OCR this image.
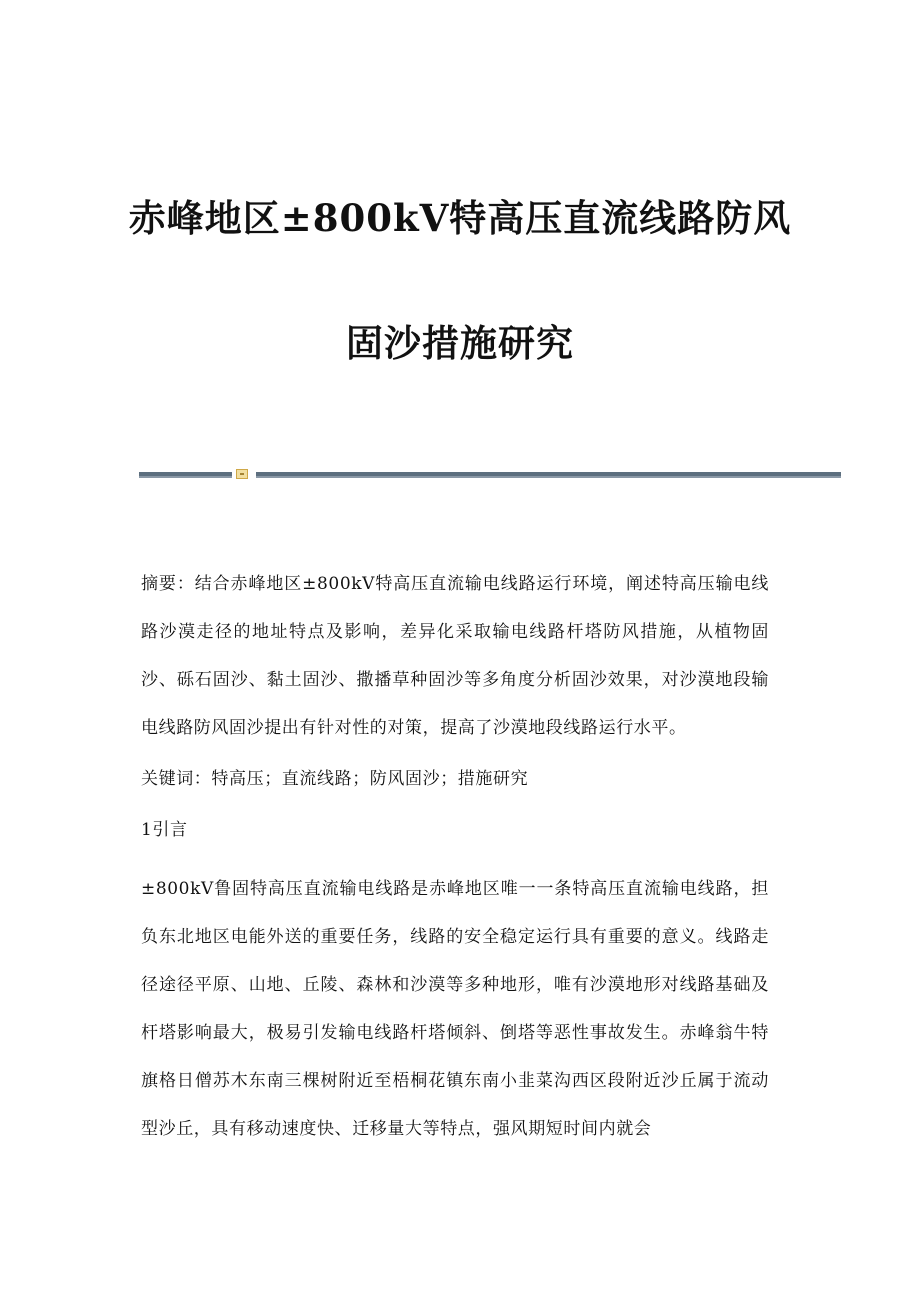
赤峰地区±800kV特高压直流线路防风
固沙措施研究
摘要：结合赤峰地区±800kV特高压直流输电线路运行环境，阐述特高压输电线路沙漠走径的地址特点及影响，差异化采取输电线路杆塔防风措施，从植物固沙、砾石固沙、黏土固沙、撒播草种固沙等多角度分析固沙效果，对沙漠地段输电线路防风固沙提出有针对性的对策，提高了沙漠地段线路运行水平。
关键词：特高压；直流线路；防风固沙；措施研究
1引言
±800kV鲁固特高压直流输电线路是赤峰地区唯一一条特高压直流输电线路，担负东北地区电能外送的重要任务，线路的安全稳定运行具有重要的意义。线路走径途径平原、山地、丘陵、森林和沙漠等多种地形，唯有沙漠地形对线路基础及杆塔影响最大，极易引发输电线路杆塔倾斜、倒塔等恶性事故发生。赤峰翁牛特旗格日僧苏木东南三棵树附近至梧桐花镇东南小韭菜沟西区段附近沙丘属于流动型沙丘，具有移动速度快、迁移量大等特点，强风期短时间内就会
